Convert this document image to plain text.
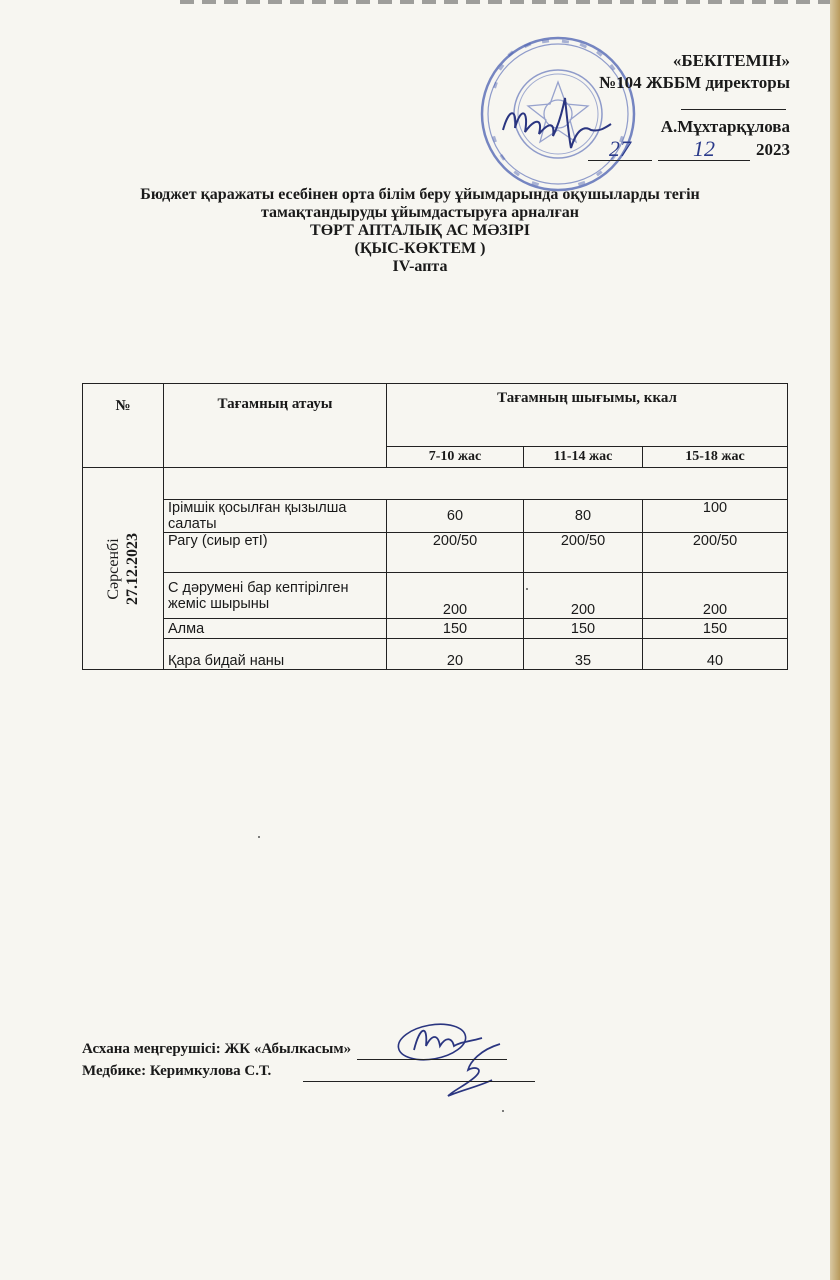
«БЕКІТЕМІН»
№104 ЖББМ директоры
А.Мұхтарқұлова
27	12	2023
Бюджет қаражаты есебінен орта білім беру ұйымдарында оқушыларды тегін
тамақтандыруды ұйымдастыруға арналған
ТӨРТ АПТАЛЫҚ АС МӘЗІРІ
(ҚЫС-КӨКТЕМ )
IV-апта
№	Тағамның атауы	Тағамның шығымы, ккал		
		7-10 жас	11-14 жас	15-18 жас

Сәрсенбі 27.12.2023				

	Ірімшік қосылған қызылша салаты	60	80	100
	Рагу (сиыр етІ)	200/50	200/50	200/50
	С дәрумені бар кептірілген жеміс шырыны	200	200	200
	Алма	150	150	150
	Қара бидай наны	20	35	40
Асхана меңгерушісі: ЖК «Абылкасым»
Медбике: Керимкулова С.Т.
